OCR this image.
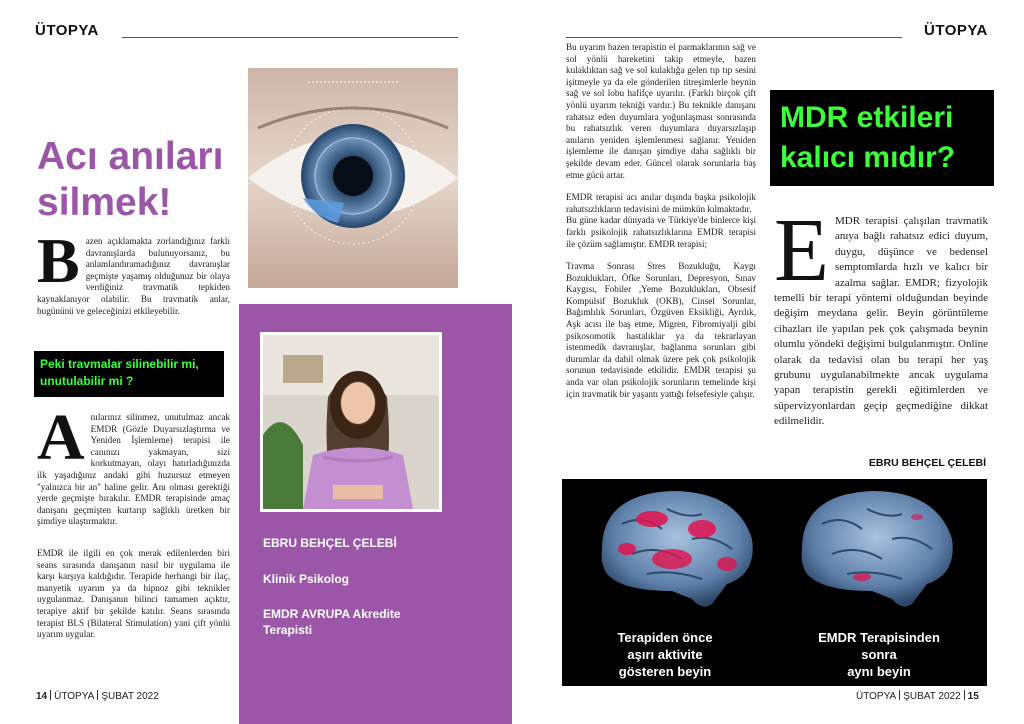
ÜTOPYA	ÜTOPYA
Acı anıları
silmek!
Bazen açıklamakta zorlandığınız farklı davranışlarda bulunuyorsanız, bu anlamlandıramadığınız davranışlar geçmişte yaşamış olduğunuz bir olaya verdiğiniz travmatik tepkiden kaynaklanıyor olabilir. Bu travmatik anlar, bugününü ve geleceğinizi etkileyebilir.
Peki travmalar silinebilir mi, unutulabilir mi ?
Anılarınız silinmez, unutulmaz ancak EMDR (Gözle Duyarsızlaştırma ve Yeniden İşlemleme) terapisi ile canınızı yakmayan, sizi korkutmayan, olayı hatırladığınızda ilk yaşadığınız andaki gibi huzursuz etmeyen "yalnızca bir an" haline gelir. Anı olması gerektiği yerde geçmişte bırakılır. EMDR terapisinde amaç danışanı geçmişten kurtarıp sağlıklı üretken bir şimdiye ulaştırmaktır.
EMDR ile ilgili en çok merak edilenlerden biri seans sırasında danışanın nasıl bir uygulama ile karşı karşıya kaldığıdır. Terapide herhangi bir ilaç, manyetik uyarım ya da hipnoz gibi teknikler uygulanmaz. Danışanın bilinci tamamen açıktır, terapiye aktif bir şekilde katılır. Seans sırasında terapist BLS (Bilateral Stimulation) yani çift yönlü uyarım uygular.
EBRU BEHÇEL ÇELEBİ
Klinik Psikolog
EMDR AVRUPA Akredite Terapisti

Bu uyarım bazen terapistin el parmaklarının sağ ve sol yönlü hareketini takip etmeyle, bazen kulaklıktan sağ ve sol kulaklığa gelen tıp tıp sesini işitmeyle ya da ele gönderilen titreşimlerle beynin sağ ve sol lobu hafifçe uyarılır. (Farklı birçok çift yönlü uyarım tekniği vardır.) Bu teknikle danışanı rahatsız eden duyumlara yoğunlaşması sonrasında bu rahatsızlık veren duyumlara duyarsızlaşıp anıların yeniden işlemlenmesi sağlanır. Yeniden işlemleme ile danışan şimdiye daha sağlıklı bir şekilde devam eder. Güncel olarak sorunlarla baş etme gücü artar.

EMDR terapisi acı anılar dışında başka psikolojik rahatsızlıkların tedavisini de mümkün kılmaktadır.

Bu güne kadar dünyada ve Türkiye'de binlerce kişi farklı psikolojik rahatsızlıklarına EMDR terapisi ile çözüm sağlamıştır. EMDR terapisi;

Travma Sonrası Stres Bozukluğu, Kaygı Bozuklukları, Öfke Sorunları, Depresyon, Sınav Kaygısı, Fobiler ,Yeme Bozuklukları, Obsesif Kompulsif Bozukluk (OKB), Cinsel Sorunlar, Bağımlılık Sorunları, Özgüven Eksikliği, Ayrılık, Aşk acısı ile baş etme, Migren, Fibromiyalji gibi psikosomotik hastalıklar ya da tekrarlayan istenmedik davranışlar, bağlanma sorunları gibi durumlar da dahil olmak üzere pek çok psikolojik sorunun tedavisinde etkilidir. EMDR terapisi şu anda var olan psikolojik sorunların temelinde kişi için travmatik bir yaşantı yattığı felsefesiyle çalışır.

MDR etkileri
kalıcı mıdır?
EMDR terapisi çalışılan travmatik anıya bağlı rahatsız edici duyum, duygu, düşünce ve bedensel semptomlarda hızlı ve kalıcı bir azalma sağlar. EMDR; fizyolojik temelli bir terapi yöntemi olduğundan beyinde değişim meydana gelir. Beyin görüntüleme cihazları ile yapılan pek çok çalışmada beynin olumlu yöndeki değişimi bulgulanmıştır. Online olarak da tedavisi olan bu terapi her yaş grubunu uygulanabilmekte ancak uygulama yapan terapistin gerekli eğitimlerden ve süpervizyonlardan geçip geçmediğine dikkat edilmelidir.
EBRU BEHÇEL ÇELEBİ
Terapiden önce
aşırı aktivite
gösteren beyin
EMDR Terapisinden
sonra
aynı beyin
14 ÜTOPYA ŞUBAT 2022	ÜTOPYA ŞUBAT 2022 15
